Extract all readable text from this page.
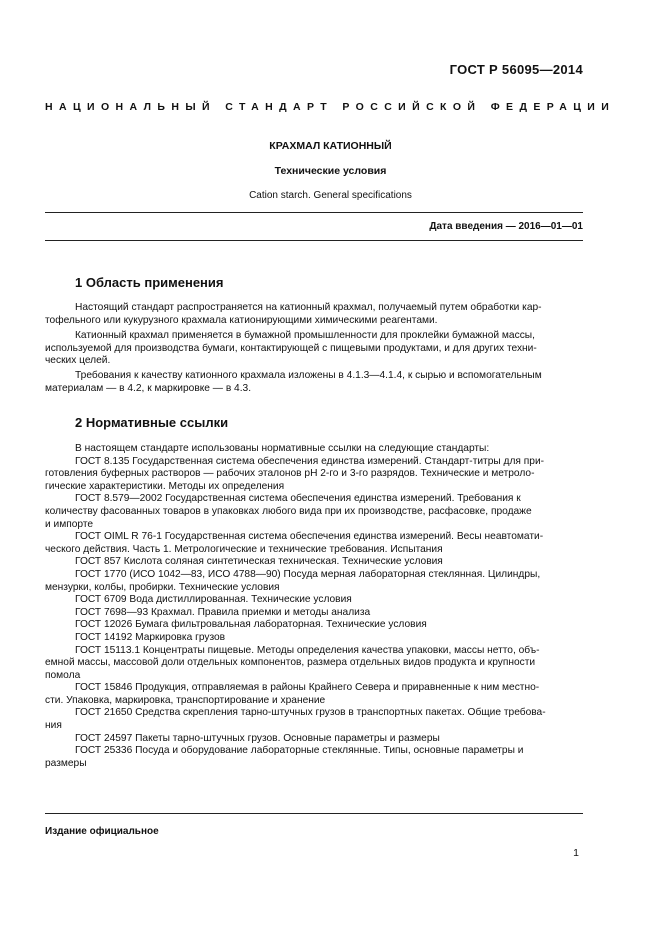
ГОСТ Р 56095—2014
НАЦИОНАЛЬНЫЙ СТАНДАРТ РОССИЙСКОЙ ФЕДЕРАЦИИ
КРАХМАЛ КАТИОННЫЙ
Технические условия
Cation starch. General specifications
Дата введения — 2016—01—01
1 Область применения
Настоящий стандарт распространяется на катионный крахмал, получаемый путем обработки кар-
тофельного или кукурузного крахмала катионирующими химическими реагентами.
Катионный крахмал применяется в бумажной промышленности для проклейки бумажной массы,
используемой для производства бумаги, контактирующей с пищевыми продуктами, и для других техни-
ческих целей.
Требования к качеству катионного крахмала изложены в 4.1.3—4.1.4, к сырью и вспомогательным
материалам — в 4.2, к маркировке — в 4.3.
2 Нормативные ссылки
В настоящем стандарте использованы нормативные ссылки на следующие стандарты:
ГОСТ 8.135 Государственная система обеспечения единства измерений. Стандарт-титры для при-
готовления буферных растворов — рабочих эталонов pH 2-го и 3-го разрядов. Технические и метроло-
гические характеристики. Методы их определения
ГОСТ 8.579—2002 Государственная система обеспечения единства измерений. Требования к
количеству фасованных товаров в упаковках любого вида при их производстве, расфасовке, продаже
и импорте
ГОСТ OIML R 76-1 Государственная система обеспечения единства измерений. Весы неавтомати-
ческого действия. Часть 1. Метрологические и технические требования. Испытания
ГОСТ 857 Кислота соляная синтетическая техническая. Технические условия
ГОСТ 1770 (ИСО 1042—83, ИСО 4788—90) Посуда мерная лабораторная стеклянная. Цилиндры,
мензурки, колбы, пробирки. Технические условия
ГОСТ 6709 Вода дистиллированная. Технические условия
ГОСТ 7698—93 Крахмал. Правила приемки и методы анализа
ГОСТ 12026 Бумага фильтровальная лабораторная. Технические условия
ГОСТ 14192 Маркировка грузов
ГОСТ 15113.1 Концентраты пищевые. Методы определения качества упаковки, массы нетто, объ-
емной массы, массовой доли отдельных компонентов, размера отдельных видов продукта и крупности
помола
ГОСТ 15846 Продукция, отправляемая в районы Крайнего Севера и приравненные к ним местно-
сти. Упаковка, маркировка, транспортирование и хранение
ГОСТ 21650 Средства скрепления тарно-штучных грузов в транспортных пакетах. Общие требова-
ния
ГОСТ 24597 Пакеты тарно-штучных грузов. Основные параметры и размеры
ГОСТ 25336 Посуда и оборудование лабораторные стеклянные. Типы, основные параметры и
размеры
Издание официальное
1
